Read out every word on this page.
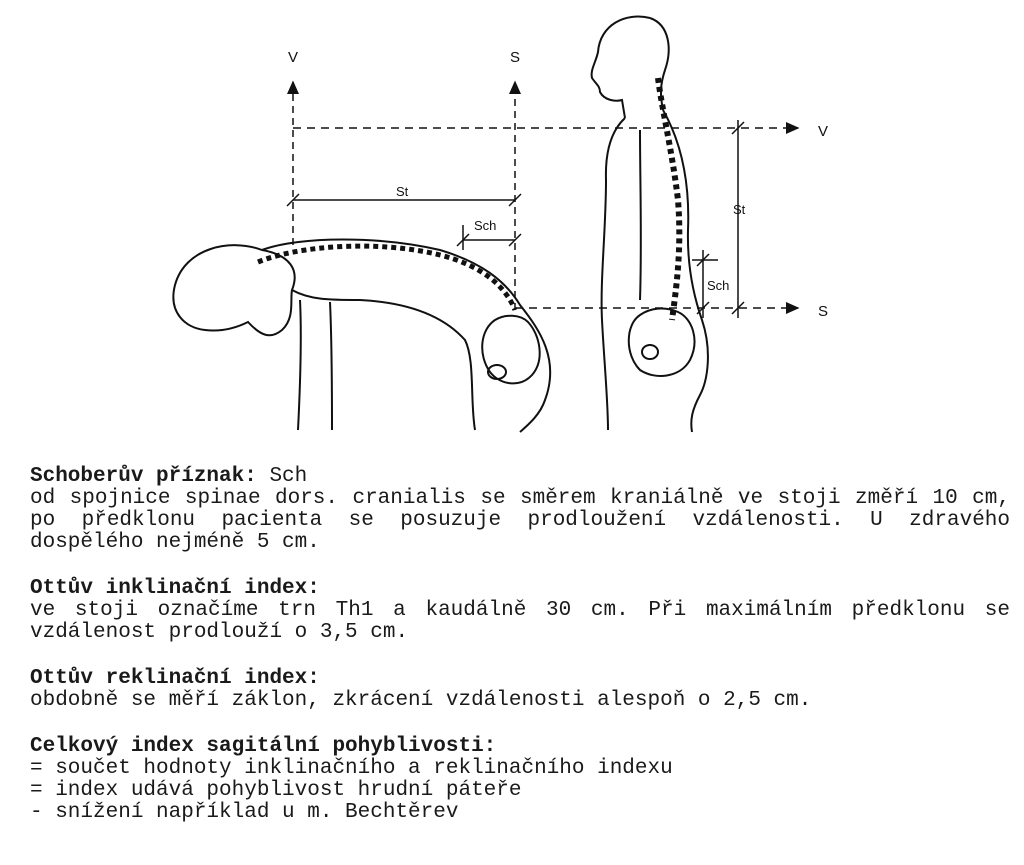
V	S
St
Sch
V
St
Sch
S
Schoberův příznak: Sch
od spojnice spinae dors. cranialis se směrem kraniálně ve stoji změří 10 cm, po předklonu pacienta se posuzuje prodloužení vzdálenosti. U zdravého dospělého nejméně 5 cm.
Ottův inklinační index:
ve stoji označíme trn Th1 a kaudálně 30 cm. Při maximálním předklonu se vzdálenost prodlouží o 3,5 cm.
Ottův reklinační index:
obdobně se měří záklon, zkrácení vzdálenosti alespoň o 2,5 cm.
Celkový index sagitální pohyblivosti:
= součet hodnoty inklinačního a reklinačního indexu
= index udává pohyblivost hrudní páteře
- snížení například u m. Bechtěrev
